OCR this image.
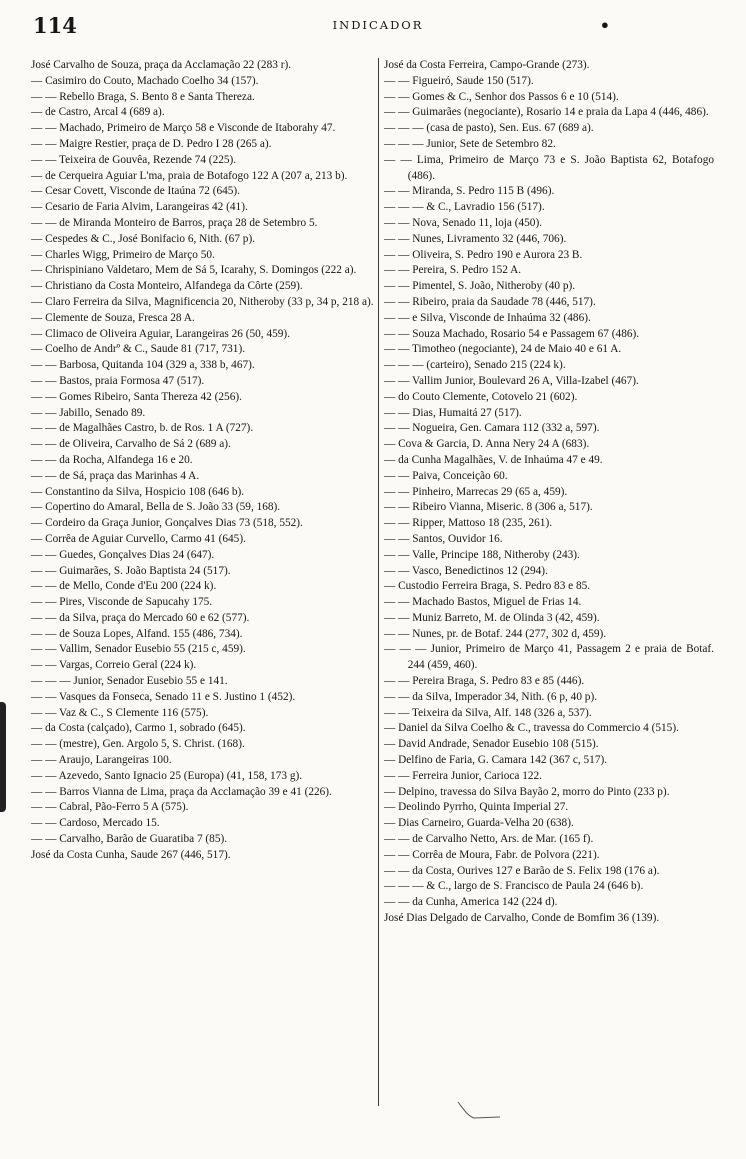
114	INDICADOR	•

José Carvalho de Souza, praça da Acclamação 22 (283 r).

— Casimiro do Couto, Machado Coelho 34 (157).

— — Rebello Braga, S. Bento 8 e Santa Thereza.

— de Castro, Arcal 4 (689 a).

— — Machado, Primeiro de Março 58 e Visconde de Itaborahy 47.

— — Maigre Restier, praça de D. Pedro I 28 (265 a).

— — Teixeira de Gouvêa, Rezende 74 (225).

— de Cerqueira Aguiar L'ma, praia de Botafogo 122 A (207 a, 213 b).

— Cesar Covett, Visconde de Itaúna 72 (645).

— Cesario de Faria Alvim, Larangeiras 42 (41).

— — de Miranda Monteiro de Barros, praça 28 de Setembro 5.

— Cespedes & C., José Bonifacio 6, Nith. (67 p).

— Charles Wigg, Primeiro de Março 50.

— Chrispiniano Valdetaro, Mem de Sá 5, Icarahy, S. Domingos (222 a).

— Christiano da Costa Monteiro, Alfandega da Côrte (259).

— Claro Ferreira da Silva, Magnificencia 20, Nitheroby (33 p, 34 p, 218 a).

— Clemente de Souza, Fresca 28 A.

— Climaco de Oliveira Aguiar, Larangeiras 26 (50, 459).

— Coelho de Andrº & C., Saude 81 (717, 731).

— — Barbosa, Quitanda 104 (329 a, 338 b, 467).

— — Bastos, praia Formosa 47 (517).

— — Gomes Ribeiro, Santa Thereza 42 (256).

— — Jabillo, Senado 89.

— — de Magalhães Castro, b. de Ros. 1 A (727).

— — de Oliveira, Carvalho de Sá 2 (689 a).

— — da Rocha, Alfandega 16 e 20.

— — de Sá, praça das Marinhas 4 A.

— Constantino da Silva, Hospicio 108 (646 b).

— Copertino do Amaral, Bella de S. João 33 (59, 168).

— Cordeiro da Graça Junior, Gonçalves Dias 73 (518, 552).

— Corrêa de Aguiar Curvello, Carmo 41 (645).

— — Guedes, Gonçalves Dias 24 (647).

— — Guimarães, S. João Baptista 24 (517).

— — de Mello, Conde d'Eu 200 (224 k).

— — Pires, Visconde de Sapucahy 175.

— — da Silva, praça do Mercado 60 e 62 (577).

— — de Souza Lopes, Alfand. 155 (486, 734).

— — Vallim, Senador Eusebio 55 (215 c, 459).

— — Vargas, Correio Geral (224 k).

— — — Junior, Senador Eusebio 55 e 141.

— — Vasques da Fonseca, Senado 11 e S. Justino 1 (452).

— — Vaz & C., S Clemente 116 (575).

— da Costa (calçado), Carmo 1, sobrado (645).

— — (mestre), Gen. Argolo 5, S. Christ. (168).

— — Araujo, Larangeiras 100.

— — Azevedo, Santo Ignacio 25 (Europa) (41, 158, 173 g).

— — Barros Vianna de Lima, praça da Acclamação 39 e 41 (226).

— — Cabral, Pão-Ferro 5 A (575).

— — Cardoso, Mercado 15.

— — Carvalho, Barão de Guaratiba 7 (85).

José da Costa Cunha, Saude 267 (446, 517).

José da Costa Ferreira, Campo-Grande (273).

— — Figueiró, Saude 150 (517).

— — Gomes & C., Senhor dos Passos 6 e 10 (514).

— — Guimarães (negociante), Rosario 14 e praia da Lapa 4 (446, 486).

— — — (casa de pasto), Sen. Eus. 67 (689 a).

— — — Junior, Sete de Setembro 82.

— — Lima, Primeiro de Março 73 e S. João Baptista 62, Botafogo (486).

— — Miranda, S. Pedro 115 B (496).

— — — & C., Lavradio 156 (517).

— — Nova, Senado 11, loja (450).

— — Nunes, Livramento 32 (446, 706).

— — Oliveira, S. Pedro 190 e Aurora 23 B.

— — Pereira, S. Pedro 152 A.

— — Pimentel, S. João, Nitheroby (40 p).

— — Ribeiro, praia da Saudade 78 (446, 517).

— — e Silva, Visconde de Inhaúma 32 (486).

— — Souza Machado, Rosario 54 e Passagem 67 (486).

— — Timotheo (negociante), 24 de Maio 40 e 61 A.

— — — (carteiro), Senado 215 (224 k).

— — Vallim Junior, Boulevard 26 A, Villa-Izabel (467).

— do Couto Clemente, Cotovelo 21 (602).

— — Dias, Humaitá 27 (517).

— — Nogueira, Gen. Camara 112 (332 a, 597).

— Cova & Garcia, D. Anna Nery 24 A (683).

— da Cunha Magalhães, V. de Inhaúma 47 e 49.

— — Paiva, Conceição 60.

— — Pinheiro, Marrecas 29 (65 a, 459).

— — Ribeiro Vianna, Miseric. 8 (306 a, 517).

— — Ripper, Mattoso 18 (235, 261).

— — Santos, Ouvidor 16.

— — Valle, Principe 188, Nitheroby (243).

— — Vasco, Benedictinos 12 (294).

— Custodio Ferreira Braga, S. Pedro 83 e 85.

— — Machado Bastos, Miguel de Frias 14.

— — Muniz Barreto, M. de Olinda 3 (42, 459).

— — Nunes, pr. de Botaf. 244 (277, 302 d, 459).

— — — Junior, Primeiro de Março 41, Passagem 2 e praia de Botaf. 244 (459, 460).

— — Pereira Braga, S. Pedro 83 e 85 (446).

— — da Silva, Imperador 34, Nith. (6 p, 40 p).

— — Teixeira da Silva, Alf. 148 (326 a, 537).

— Daniel da Silva Coelho & C., travessa do Commercio 4 (515).

— David Andrade, Senador Eusebio 108 (515).

— Delfino de Faria, G. Camara 142 (367 c, 517).

— — Ferreira Junior, Carioca 122.

— Delpino, travessa do Silva Bayão 2, morro do Pinto (233 p).

— Deolindo Pyrrho, Quinta Imperial 27.

— Dias Carneiro, Guarda-Velha 20 (638).

— — de Carvalho Netto, Ars. de Mar. (165 f).

— — Corrêa de Moura, Fabr. de Polvora (221).

— — da Costa, Ourives 127 e Barão de S. Felix 198 (176 a).

— — — & C., largo de S. Francisco de Paula 24 (646 b).

— — da Cunha, America 142 (224 d).

José Dias Delgado de Carvalho, Conde de Bomfim 36 (139).
